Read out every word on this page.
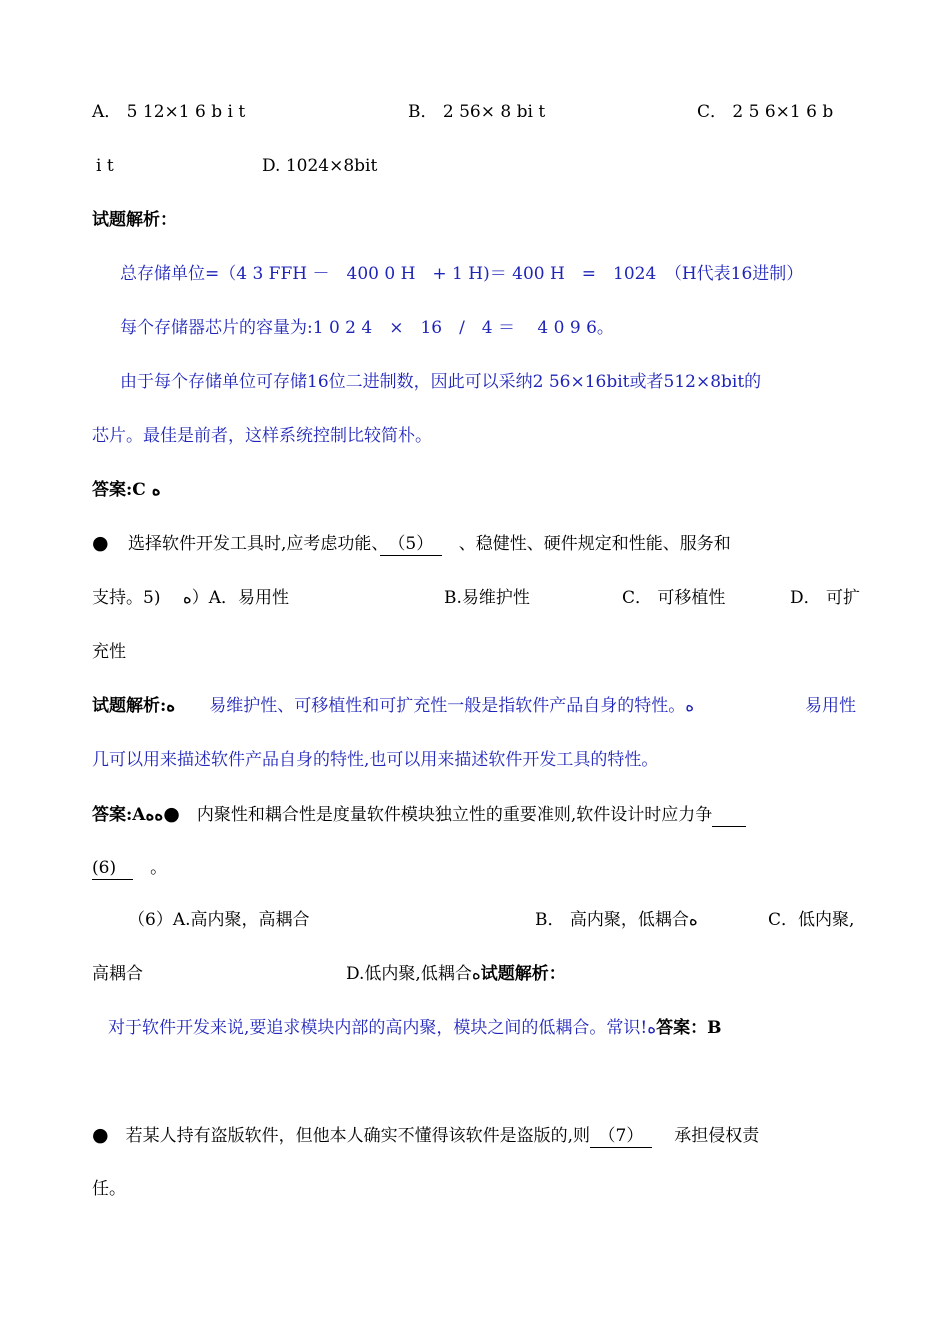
A． 5 12×1 6 b i t	B． 2 56× 8 bi t	C． 2 5 6×1 6 b
i t	D. 1024×8bit
试题解析：
总存储单位=（4 3 FFH －　400 0 H　+ 1 H)＝ 400 H　=　1024　（H代表16进制）
每个存储器芯片的容量为:1 0 2 4　×　16　/　4 ＝　 4 0 9 6。
由于每个存储单位可存储16位二进制数，因此可以采纳2 56×16bit或者512×8bit的
芯片。最佳是前者，这样系统控制比较简朴。
答案:C ﻩ
● 选择软件开发工具时,应考虑功能、　（5）　　、稳健性、硬件规定和性能、服务和
支持。5)　 ﻩ）A．易用性	B.易维护性	C． 可移植性	D． 可扩
充性
试题解析:ﻩ　　 易维护性、可移植性和可扩充性一般是指软件产品自身的特性。ﻩ	易用性
几可以用来描述软件产品自身的特性,也可以用来描述软件开发工具的特性。
答案:Aﻩﻩ●　 内聚性和耦合性是度量软件模块独立性的重要准则,软件设计时应力争　　
(6)　　。
（6）A.高内聚，高耦合	B． 高内聚，低耦合ﻩ	C．低内聚,
高耦合	D.低内聚,低耦合ﻩ试题解析：
对于软件开发来说,要追求模块内部的高内聚，模块之间的低耦合。常识!ﻩ答案：B
●　 若某人持有盗版软件，但他本人确实不懂得该软件是盗版的,则　（7）　　 承担侵权责
任。
